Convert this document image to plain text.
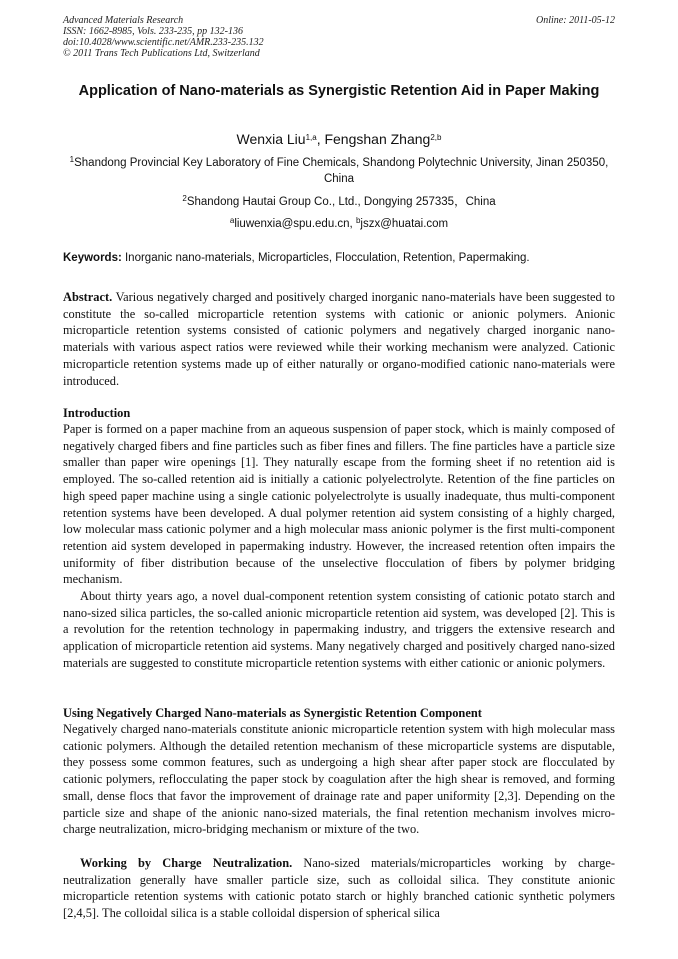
Advanced Materials Research
ISSN: 1662-8985, Vols. 233-235, pp 132-136
doi:10.4028/www.scientific.net/AMR.233-235.132
© 2011 Trans Tech Publications Ltd, Switzerland
Online: 2011-05-12
Application of Nano-materials as Synergistic Retention Aid in Paper Making
Wenxia Liu$^{1,a}$, Fengshan Zhang$^{2,b}$
$^1$Shandong Provincial Key Laboratory of Fine Chemicals, Shandong Polytechnic University, Jinan 250350, China
$^2$Shandong Hautai Group Co., Ltd., Dongying 257335，China
$^a$liuwenxia@spu.edu.cn, $^b$jszx@huatai.com
Keywords: Inorganic nano-materials, Microparticles, Flocculation, Retention, Papermaking.
Abstract. Various negatively charged and positively charged inorganic nano-materials have been suggested to constitute the so-called microparticle retention systems with cationic or anionic polymers. Anionic microparticle retention systems consisted of cationic polymers and negatively charged inorganic nano-materials with various aspect ratios were reviewed while their working mechanism were analyzed. Cationic microparticle retention systems made up of either naturally or organo-modified cationic nano-materials were introduced.
Introduction
Paper is formed on a paper machine from an aqueous suspension of paper stock, which is mainly composed of negatively charged fibers and fine particles such as fiber fines and fillers. The fine particles have a particle size smaller than paper wire openings [1]. They naturally escape from the forming sheet if no retention aid is employed. The so-called retention aid is initially a cationic polyelectrolyte. Retention of the fine particles on high speed paper machine using a single cationic polyelectrolyte is usually inadequate, thus multi-component retention systems have been developed. A dual polymer retention aid system consisting of a highly charged, low molecular mass cationic polymer and a high molecular mass anionic polymer is the first multi-component retention aid system developed in papermaking industry. However, the increased retention often impairs the uniformity of fiber distribution because of the unselective flocculation of fibers by polymer bridging mechanism.
About thirty years ago, a novel dual-component retention system consisting of cationic potato starch and nano-sized silica particles, the so-called anionic microparticle retention aid system, was developed [2]. This is a revolution for the retention technology in papermaking industry, and triggers the extensive research and application of microparticle retention aid systems. Many negatively charged and positively charged nano-sized materials are suggested to constitute microparticle retention systems with either cationic or anionic polymers.
Using Negatively Charged Nano-materials as Synergistic Retention Component
Negatively charged nano-materials constitute anionic microparticle retention system with high molecular mass cationic polymers. Although the detailed retention mechanism of these microparticle systems are disputable, they possess some common features, such as undergoing a high shear after paper stock are flocculated by cationic polymers, reflocculating the paper stock by coagulation after the high shear is removed, and forming small, dense flocs that favor the improvement of drainage rate and paper uniformity [2,3]. Depending on the particle size and shape of the anionic nano-sized materials, the final retention mechanism involves micro-charge neutralization, micro-bridging mechanism or mixture of the two.
Working by Charge Neutralization. Nano-sized materials/microparticles working by charge-neutralization generally have smaller particle size, such as colloidal silica. They constitute anionic microparticle retention systems with cationic potato starch or highly branched cationic synthetic polymers [2,4,5]. The colloidal silica is a stable colloidal dispersion of spherical silica
